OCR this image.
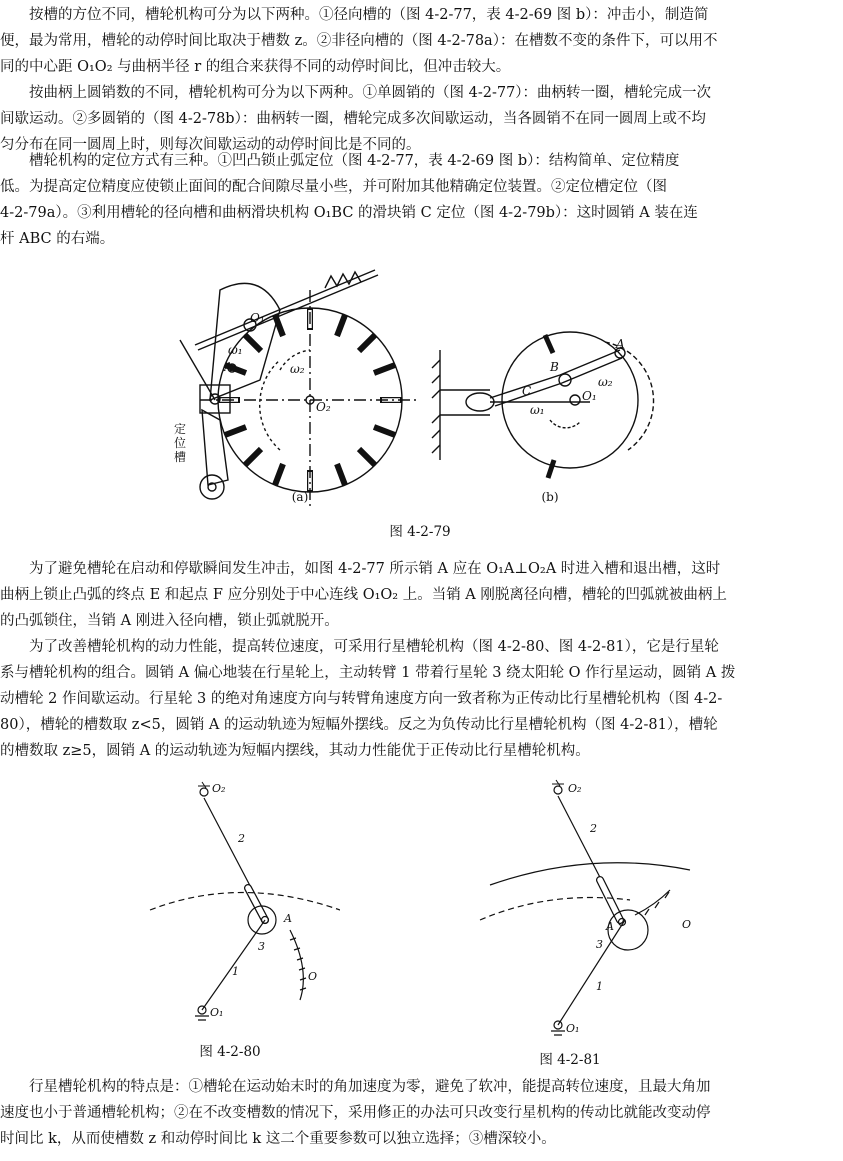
　　按槽的方位不同，槽轮机构可分为以下两种。①径向槽的（图 4-2-77，表 4-2-69 图 b）：冲击小，制造简
便，最为常用，槽轮的动停时间比取决于槽数 z。②非径向槽的（图 4-2-78a）：在槽数不变的条件下，可以用不
同的中心距 O₁O₂ 与曲柄半径 r 的组合来获得不同的动停时间比，但冲击较大。
　　按曲柄上圆销数的不同，槽轮机构可分为以下两种。①单圆销的（图 4-2-77）：曲柄转一圈，槽轮完成一次
间歇运动。②多圆销的（图 4-2-78b）：曲柄转一圈，槽轮完成多次间歇运动，当各圆销不在同一圆周上或不均
匀分布在同一圆周上时，则每次间歇运动的动停时间比是不同的。
　　槽轮机构的定位方式有三种。①凹凸锁止弧定位（图 4-2-77，表 4-2-69 图 b）：结构简单、定位精度
低。为提高定位精度应使锁止面间的配合间隙尽量小些，并可附加其他精确定位装置。②定位槽定位（图
4-2-79a）。③利用槽轮的径向槽和曲柄滑块机构 O₁BC 的滑块销 C 定位（图 4-2-79b）：这时圆销 A 装在连
杆 ABC 的右端。
O₁
A
ω₁
ω₂
O₂
A
B
C	O₁
ω₁
ω₂
定
位
槽
(a)	(b)
图 4-2-79
　　为了避免槽轮在启动和停歇瞬间发生冲击，如图 4-2-77 所示销 A 应在 O₁A⊥O₂A 时进入槽和退出槽，这时
曲柄上锁止凸弧的终点 E 和起点 F 应分别处于中心连线 O₁O₂ 上。当销 A 刚脱离径向槽，槽轮的凹弧就被曲柄上
的凸弧锁住，当销 A 刚进入径向槽，锁止弧就脱开。
　　为了改善槽轮机构的动力性能，提高转位速度，可采用行星槽轮机构（图 4-2-80、图 4-2-81），它是行星轮
系与槽轮机构的组合。圆销 A 偏心地装在行星轮上，主动转臂 1 带着行星轮 3 绕太阳轮 O 作行星运动，圆销 A 拨
动槽轮 2 作间歇运动。行星轮 3 的绝对角速度方向与转臂角速度方向一致者称为正传动比行星槽轮机构（图 4-2-
80），槽轮的槽数取 z<5，圆销 A 的运动轨迹为短幅外摆线。反之为负传动比行星槽轮机构（图 4-2-81），槽轮
的槽数取 z≥5，圆销 A 的运动轨迹为短幅内摆线，其动力性能优于正传动比行星槽轮机构。
O₂
2
A
3
1	O
O₁
图 4-2-80
O₂
2
A	O
3
1
O₁
图 4-2-81
　　行星槽轮机构的特点是：①槽轮在运动始末时的角加速度为零，避免了软冲，能提高转位速度，且最大角加
速度也小于普通槽轮机构；②在不改变槽数的情况下，采用修正的办法可只改变行星机构的传动比就能改变动停
时间比 k，从而使槽数 z 和动停时间比 k 这二个重要参数可以独立选择；③槽深较小。
